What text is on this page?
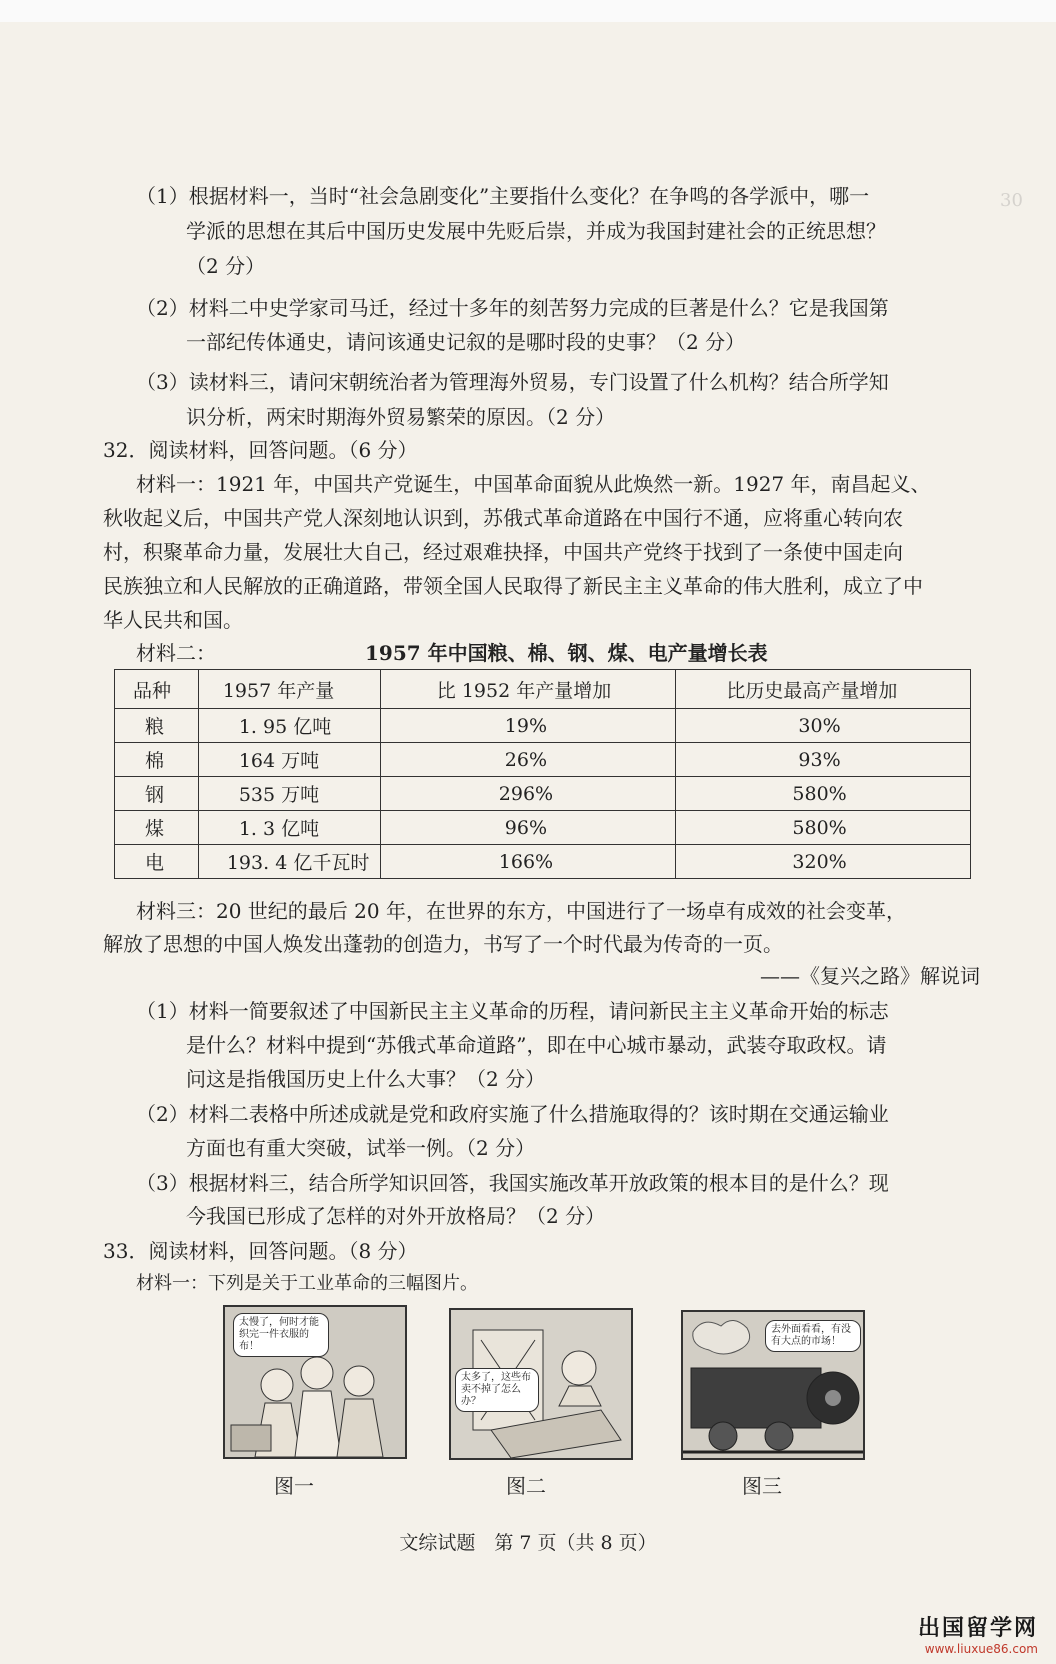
30
（1）根据材料一，当时“社会急剧变化”主要指什么变化？在争鸣的各学派中，哪一
学派的思想在其后中国历史发展中先贬后崇，并成为我国封建社会的正统思想？
（2 分）
（2）材料二中史学家司马迁，经过十多年的刻苦努力完成的巨著是什么？它是我国第
一部纪传体通史，请问该通史记叙的是哪时段的史事？（2 分）
（3）读材料三，请问宋朝统治者为管理海外贸易，专门设置了什么机构？结合所学知
识分析，两宋时期海外贸易繁荣的原因。（2 分）
32．阅读材料，回答问题。（6 分）
材料一：1921 年，中国共产党诞生，中国革命面貌从此焕然一新。1927 年，南昌起义、
秋收起义后，中国共产党人深刻地认识到，苏俄式革命道路在中国行不通，应将重心转向农
村，积聚革命力量，发展壮大自己，经过艰难抉择，中国共产党终于找到了一条使中国走向
民族独立和人民解放的正确道路，带领全国人民取得了新民主主义革命的伟大胜利，成立了中
华人民共和国。
材料二：	1957 年中国粮、棉、钢、煤、电产量增长表
品种	1957 年产量	比 1952 年产量增加	比历史最高产量增加
粮	1. 95 亿吨	19%	30%
棉	164 万吨	26%	93%
钢	535 万吨	296%	580%
煤	1. 3 亿吨	96%	580%
电	193. 4 亿千瓦时	166%	320%
材料三：20 世纪的最后 20 年，在世界的东方，中国进行了一场卓有成效的社会变革，
解放了思想的中国人焕发出蓬勃的创造力，书写了一个时代最为传奇的一页。
——《复兴之路》解说词
（1）材料一简要叙述了中国新民主主义革命的历程，请问新民主主义革命开始的标志
是什么？材料中提到“苏俄式革命道路”，即在中心城市暴动，武装夺取政权。请
问这是指俄国历史上什么大事？（2 分）
（2）材料二表格中所述成就是党和政府实施了什么措施取得的？该时期在交通运输业
方面也有重大突破，试举一例。（2 分）
（3）根据材料三，结合所学知识回答，我国实施改革开放政策的根本目的是什么？现
今我国已形成了怎样的对外开放格局？（2 分）
33．阅读材料，回答问题。（8 分）
材料一：下列是关于工业革命的三幅图片。
太慢了，何时才能织完一件衣服的布！
图一
太多了，这些布卖不掉了怎么办？
图二
去外面看看，有没有大点的市场！
图三
文综试题　第 7 页（共 8 页）
出国留学网
www.liuxue86.com
